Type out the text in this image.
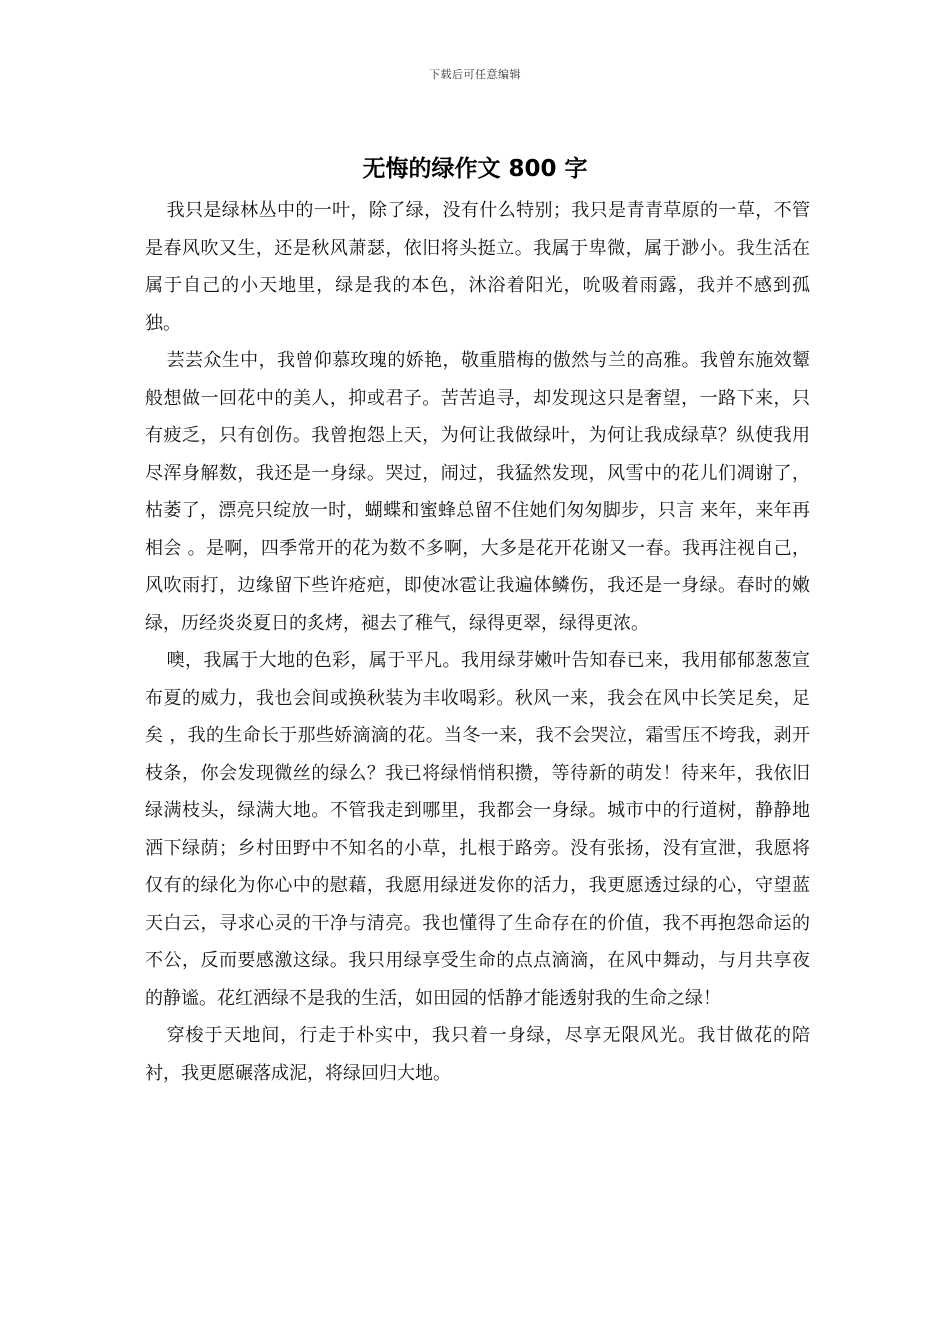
下载后可任意编辑
无悔的绿作文 800 字

我只是绿林丛中的一叶，除了绿，没有什么特别；我只是青青草原的一草，不管是春风吹又生，还是秋风萧瑟，依旧将头挺立。我属于卑微，属于渺小。我生活在属于自己的小天地里，绿是我的本色，沐浴着阳光，吮吸着雨露，我并不感到孤独。

芸芸众生中，我曾仰慕玫瑰的娇艳，敬重腊梅的傲然与兰的高雅。我曾东施效颦般想做一回花中的美人，抑或君子。苦苦追寻，却发现这只是奢望，一路下来，只有疲乏，只有创伤。我曾抱怨上天，为何让我做绿叶，为何让我成绿草？纵使我用尽浑身解数，我还是一身绿。哭过，闹过，我猛然发现，风雪中的花儿们凋谢了，枯萎了，漂亮只绽放一时，蝴蝶和蜜蜂总留不住她们匆匆脚步，只言 来年，来年再相会 。是啊，四季常开的花为数不多啊，大多是花开花谢又一春。我再注视自己，风吹雨打，边缘留下些许疮疤，即使冰雹让我遍体鳞伤，我还是一身绿。春时的嫩绿，历经炎炎夏日的炙烤，褪去了稚气，绿得更翠，绿得更浓。

噢，我属于大地的色彩，属于平凡。我用绿芽嫩叶告知春已来，我用郁郁葱葱宣布夏的威力，我也会间或换秋装为丰收喝彩。秋风一来，我会在风中长笑足矣，足矣 ，我的生命长于那些娇滴滴的花。当冬一来，我不会哭泣，霜雪压不垮我，剥开枝条，你会发现微丝的绿么？我已将绿悄悄积攒，等待新的萌发！待来年，我依旧绿满枝头，绿满大地。不管我走到哪里，我都会一身绿。城市中的行道树，静静地洒下绿荫；乡村田野中不知名的小草，扎根于路旁。没有张扬，没有宣泄，我愿将仅有的绿化为你心中的慰藉，我愿用绿迸发你的活力，我更愿透过绿的心，守望蓝天白云，寻求心灵的干净与清亮。我也懂得了生命存在的价值，我不再抱怨命运的不公，反而要感激这绿。我只用绿享受生命的点点滴滴，在风中舞动，与月共享夜的静谧。花红洒绿不是我的生活，如田园的恬静才能透射我的生命之绿！

穿梭于天地间，行走于朴实中，我只着一身绿，尽享无限风光。我甘做花的陪衬，我更愿碾落成泥，将绿回归大地。
